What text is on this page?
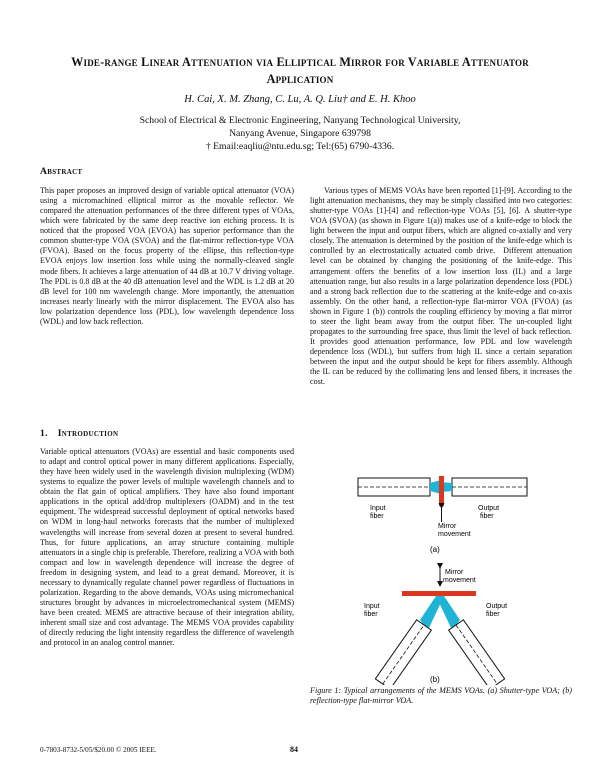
Wide-range Linear Attenuation via Elliptical Mirror for Variable Attenuator Application
H. Cai, X. M. Zhang, C. Lu, A. Q. Liu† and E. H. Khoo
School of Electrical & Electronic Engineering, Nanyang Technological University,
Nanyang Avenue, Singapore 639798
† Email:eaqliu@ntu.edu.sg; Tel:(65) 6790-4336.
Abstract

This paper proposes an improved design of variable optical attenuator (VOA) using a micromachined elliptical mirror as the movable reflector. We compared the attenuation performances of the three different types of VOAs, which were fabricated by the same deep reactive ion etching process. It is noticed that the proposed VOA (EVOA) has superior performance than the common shutter-type VOA (SVOA) and the flat-mirror reflection-type VOA (FVOA). Based on the focus property of the ellipse, this reflection-type EVOA enjoys low insertion loss while using the normally-cleaved single mode fibers. It achieves a large attenuation of 44 dB at 10.7 V driving voltage. The PDL is 0.8 dB at the 40 dB attenuation level and the WDL is 1.2 dB at 20 dB level for 100 nm wavelength change. More importantly, the attenuation increases nearly linearly with the mirror displacement. The EVOA also has low polarization dependence loss (PDL), low wavelength dependence loss (WDL) and low back reflection.

1. Introduction

Variable optical attenuators (VOAs) are essential and basic components used to adapt and control optical power in many different applications. Especially, they have been widely used in the wavelength division multiplexing (WDM) systems to equalize the power levels of multiple wavelength channels and to obtain the flat gain of optical amplifiers. They have also found important applications in the optical add/drop multiplexers (OADM) and in the test equipment. The widespread successful deployment of optical networks based on WDM in long-haul networks forecasts that the number of multiplexed wavelengths will increase from several dozen at present to several hundred. Thus, for future applications, an array structure containing multiple attenuators in a single chip is preferable. Therefore, realizing a VOA with both compact and low in wavelength dependence will increase the degree of freedom in designing system, and lead to a great demand. Moreover, it is necessary to dynamically regulate channel power regardless of fluctuations in polarization. Regarding to the above demands, VOAs using micromechanical structures brought by advances in microelectromechanical system (MEMS) have been created. MEMS are attractive because of their integration ability, inherent small size and cost advantage. The MEMS VOA provides capability of directly reducing the light intensity regardless the difference of wavelength and protocol in an analog control manner.

Various types of MEMS VOAs have been reported [1]-[9]. According to the light attenuation mechanisms, they may be simply classified into two categories: shutter-type VOAs [1]-[4] and reflection-type VOAs [5], [6]. A shutter-type VOA (SVOA) (as shown in Figure 1(a)) makes use of a knife-edge to block the light between the input and output fibers, which are aligned co-axially and very closely. The attenuation is determined by the position of the knife-edge which is controlled by an electrostatically actuated comb drive. Different attenuation level can be obtained by changing the positioning of the knife-edge. This arrangement offers the benefits of a low insertion loss (IL) and a large attenuation range, but also results in a large polarization dependence loss (PDL) and a strong back reflection due to the scattering at the knife-edge and co-axis assembly. On the other hand, a reflection-type flat-mirror VOA (FVOA) (as shown in Figure 1 (b)) controls the coupling efficiency by moving a flat mirror to steer the light beam away from the output fiber. The un-coupled light propagates to the surrounding free space, thus limit the level of back reflection. It provides good attenuation performance, low PDL and low wavelength dependence loss (WDL), but suffers from high IL since a certain separation between the input and the output should be kept for fibers assembly. Although the IL can be reduced by the collimating lens and lensed fibers, it increases the cost.

Input
fiber
Mirror
movement
Output
fiber
(a)
Mirror
movement
Input
fiber
Output
fiber
(b)
Figure 1: Typical arrangements of the MEMS VOAs. (a) Shutter-type VOA; (b) reflection-type flat-mirror VOA.
0-7803-8732-5/05/$20.00 © 2005 IEEE.	84
